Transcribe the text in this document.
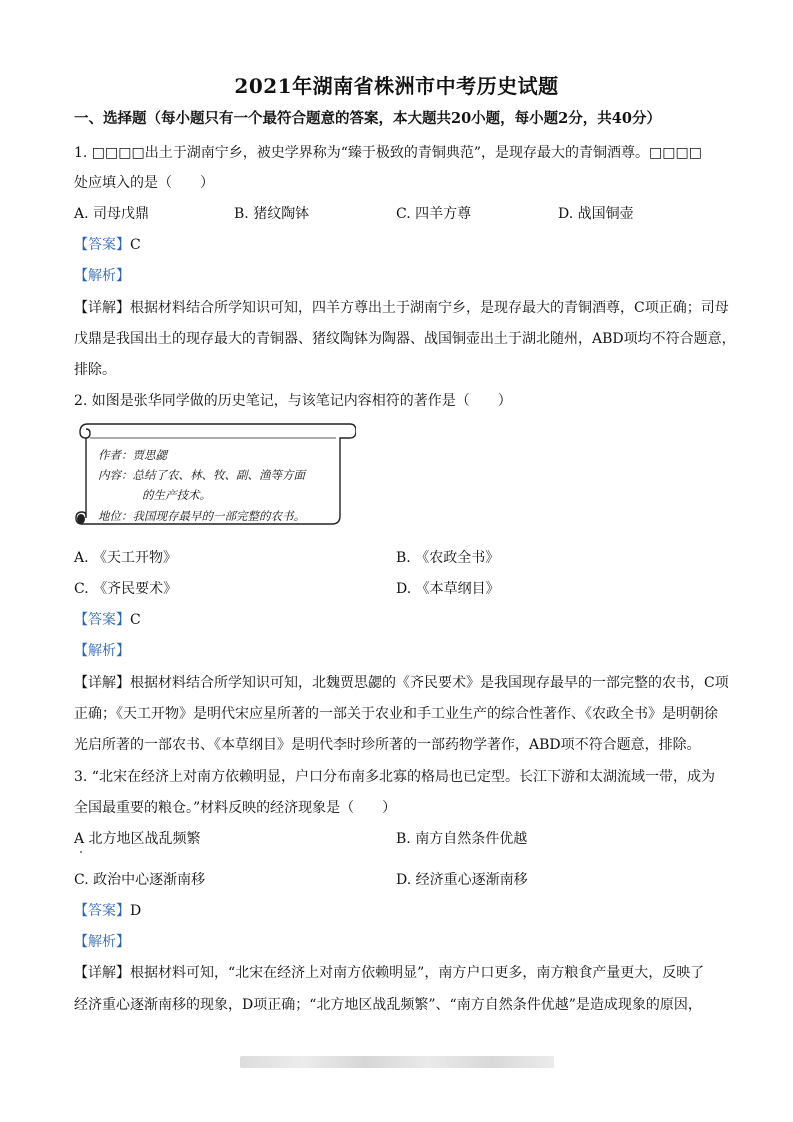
2021年湖南省株洲市中考历史试题
一、选择题（每小题只有一个最符合题意的答案，本大题共20小题，每小题2分，共40分）
1. □□□□出土于湖南宁乡，被史学界称为“臻于极致的青铜典范”，是现存最大的青铜酒尊。□□□□
处应填入的是（　　）
A. 司母戊鼎	B. 猪纹陶钵	C. 四羊方尊	D. 战国铜壶
【答案】C
【解析】
【详解】根据材料结合所学知识可知，四羊方尊出土于湖南宁乡，是现存最大的青铜酒尊，C项正确；司母
戊鼎是我国出土的现存最大的青铜器、猪纹陶钵为陶器、战国铜壶出土于湖北随州，ABD项均不符合题意，
排除。
2. 如图是张华同学做的历史笔记，与该笔记内容相符的著作是（　　）
作者：贾思勰
内容：总结了农、林、牧、副、渔等方面
的生产技术。
地位：我国现存最早的一部完整的农书。
A. 《天工开物》	B. 《农政全书》
C. 《齐民要术》	D. 《本草纲目》
【答案】C
【解析】
【详解】根据材料结合所学知识可知，北魏贾思勰的《齐民要术》是我国现存最早的一部完整的农书，C项
正确；《天工开物》是明代宋应星所著的一部关于农业和手工业生产的综合性著作、《农政全书》是明朝徐
光启所著的一部农书、《本草纲目》是明代李时珍所著的一部药物学著作，ABD项不符合题意，排除。
3. “北宋在经济上对南方依赖明显，户口分布南多北寡的格局也已定型。长江下游和太湖流域一带，成为
全国最重要的粮仓。”材料反映的经济现象是（　　）
A 北方地区战乱频繁	B. 南方自然条件优越
C. 政治中心逐渐南移	D. 经济重心逐渐南移
【答案】D
【解析】
【详解】根据材料可知，“北宋在经济上对南方依赖明显”，南方户口更多，南方粮食产量更大，反映了
经济重心逐渐南移的现象，D项正确；“北方地区战乱频繁”、“南方自然条件优越”是造成现象的原因，
